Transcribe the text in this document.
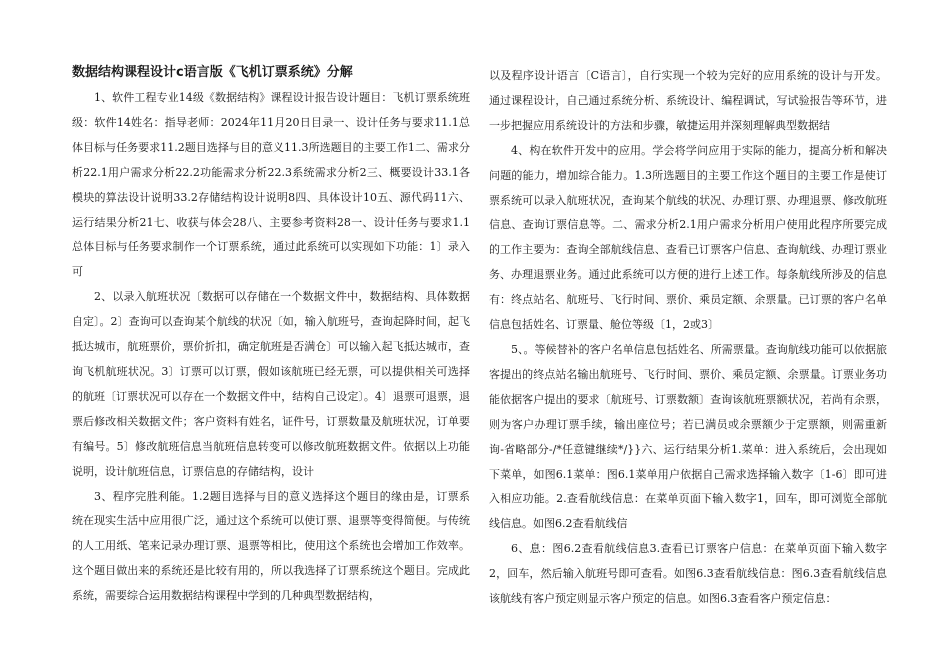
数据结构课程设计c语言版《飞机订票系统》分解

1、软件工程专业14级《数据结构》课程设计报告设计题目：飞机订票系统班级：软件14姓名：指导老师：2024年11月20日目录一、设计任务与要求11.1总体目标与任务要求11.2题目选择与目的意义11.3所选题目的主要工作1二、需求分析22.1用户需求分析22.2功能需求分析22.3系统需求分析2三、概要设计33.1各模块的算法设计说明33.2存储结构设计说明8四、具体设计10五、源代码11六、运行结果分析21七、收获与体会28八、主要参考资料28一、设计任务与要求1.1总体目标与任务要求制作一个订票系统，通过此系统可以实现如下功能：1〕录入可

2、以录入航班状况〔数据可以存储在一个数据文件中，数据结构、具体数据自定〕。2〕查询可以查询某个航线的状况〔如，输入航班号，查询起降时间，起飞抵达城市，航班票价，票价折扣，确定航班是否满仓〕可以输入起飞抵达城市，查询飞机航班状况。3〕订票可以订票，假如该航班已经无票，可以提供相关可选择的航班〔订票状况可以存在一个数据文件中，结构自己设定〕。4〕退票可退票，退票后修改相关数据文件；客户资料有姓名，证件号，订票数量及航班状况，订单要有编号。5〕修改航班信息当航班信息转变可以修改航班数据文件。依据以上功能说明，设计航班信息，订票信息的存储结构，设计

3、程序完胜利能。1.2题目选择与目的意义选择这个题目的缘由是，订票系统在现实生活中应用很广泛，通过这个系统可以使订票、退票等变得简便。与传统的人工用纸、笔来记录办理订票、退票等相比，使用这个系统也会增加工作效率。这个题目做出来的系统还是比较有用的，所以我选择了订票系统这个题目。完成此系统，需要综合运用数据结构课程中学到的几种典型数据结构，

以及程序设计语言〔C语言〕，自行实现一个较为完好的应用系统的设计与开发。通过课程设计，自己通过系统分析、系统设计、编程调试，写试验报告等环节，进一步把握应用系统设计的方法和步骤，敏捷运用并深刻理解典型数据结

4、构在软件开发中的应用。学会将学问应用于实际的能力，提高分析和解决问题的能力，增加综合能力。1.3所选题目的主要工作这个题目的主要工作是使订票系统可以录入航班状况，查询某个航线的状况、办理订票、办理退票、修改航班信息、查询订票信息等。二、需求分析2.1用户需求分析用户使用此程序所要完成的工作主要为：查询全部航线信息、查看已订票客户信息、查询航线、办理订票业务、办理退票业务。通过此系统可以方便的进行上述工作。每条航线所涉及的信息有：终点站名、航班号、飞行时间、票价、乘员定额、余票量。已订票的客户名单信息包括姓名、订票量、舱位等级〔1，2或3〕

5、。等候替补的客户名单信息包括姓名、所需票量。查询航线功能可以依据旅客提出的终点站名输出航班号、飞行时间、票价、乘员定额、余票量。订票业务功能依据客户提出的要求〔航班号、订票数额〕查询该航班票额状况，若尚有余票，则为客户办理订票手续，输出座位号；若已满员或余票额少于定票额，则需重新询-省略部分-/*任意键继续*/}}六、运行结果分析1.菜单：进入系统后，会出现如下菜单，如图6.1菜单：图6.1菜单用户依据自己需求选择输入数字〔1-6〕即可进入相应功能。2.查看航线信息：在菜单页面下输入数字1，回车，即可浏览全部航线信息。如图6.2查看航线信

6、息：图6.2查看航线信息3.查看已订票客户信息：在菜单页面下输入数字2，回车，然后输入航班号即可查看。如图6.3查看航线信息：图6.3查看航线信息该航线有客户预定则显示客户预定的信息。如图6.3查看客户预定信息：
